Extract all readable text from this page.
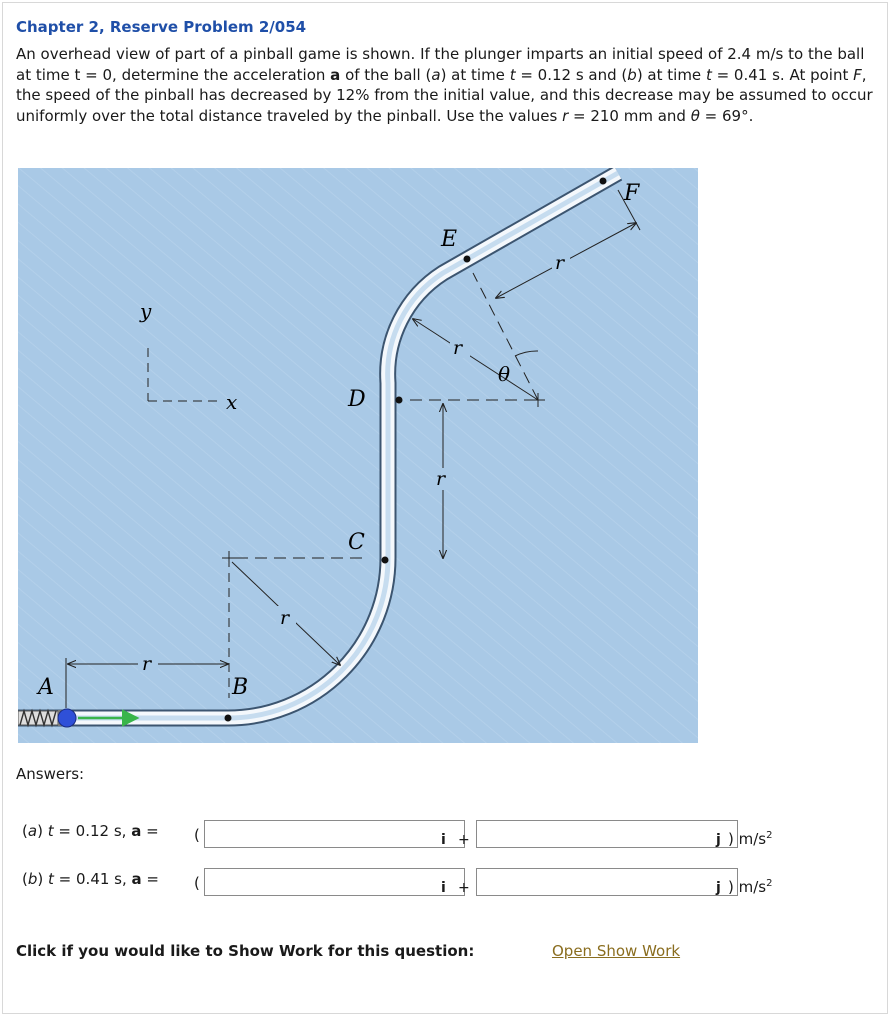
Chapter 2, Reserve Problem 2/054

An overhead view of part of a pinball game is shown. If the plunger imparts an initial speed of 2.4 m/s to the ball at time t = 0, determine the acceleration a of the ball (a) at time t = 0.12 s and (b) at time t = 0.41 s. At point F, the speed of the pinball has decreased by 12% from the initial value, and this decrease may be assumed to occur uniformly over the total distance traveled by the pinball. Use the values r = 210 mm and θ = 69°.

A	B
C
D
E
F
y
x
r
r
r
r
θ
r
Answers:
(a) t = 0.12 s, a = (	i +	j ) $m/s^2$
(b) t = 0.41 s, a = (	i +	j ) $m/s^2$
Click if you would like to Show Work for this question:	Open Show Work
